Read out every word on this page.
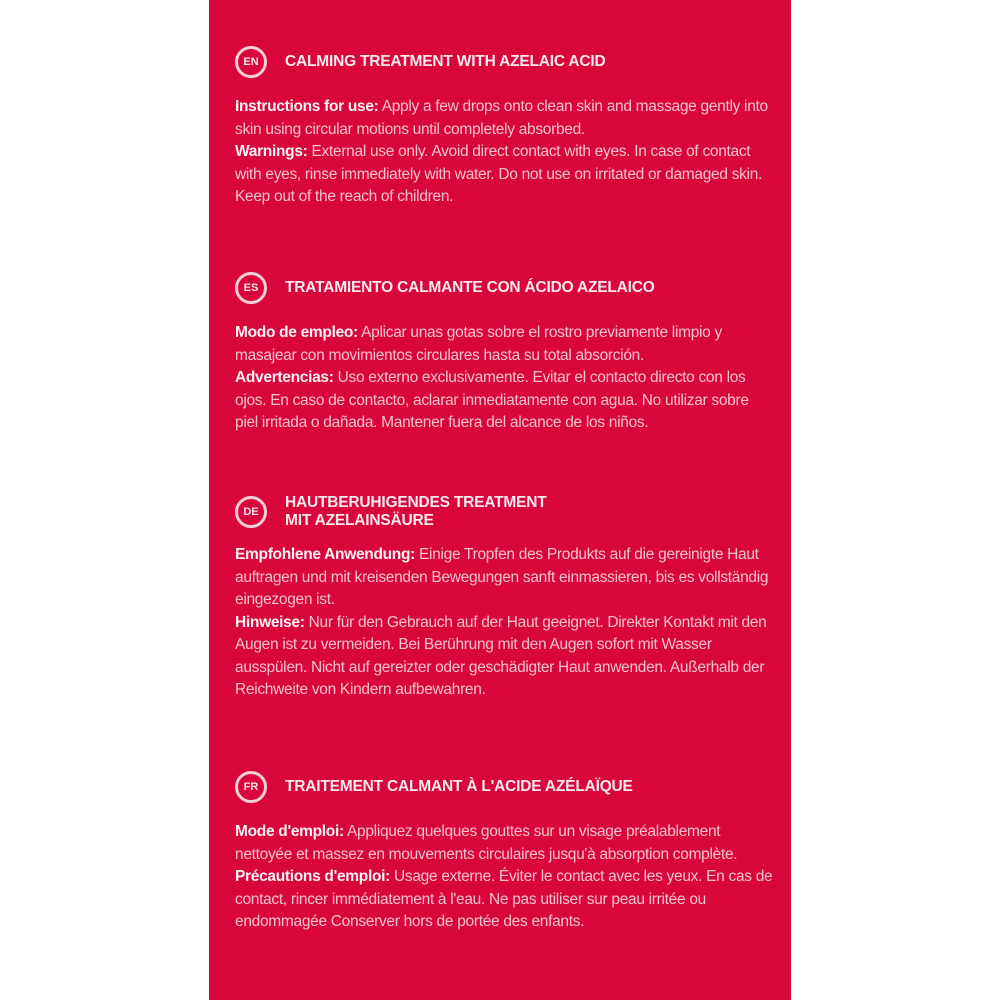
EN	CALMING TREATMENT WITH AZELAIC ACID

Instructions for use: Apply a few drops onto clean skin and massage gently into skin using circular motions until completely absorbed.

Warnings: External use only. Avoid direct contact with eyes. In case of contact with eyes, rinse immediately with water. Do not use on irritated or damaged skin. Keep out of the reach of children.

ES	TRATAMIENTO CALMANTE CON ÁCIDO AZELAICO

Modo de empleo: Aplicar unas gotas sobre el rostro previamente limpio y masajear con movimientos circulares hasta su total absorción.

Advertencias: Uso externo exclusivamente. Evitar el contacto directo con los ojos. En caso de contacto, aclarar inmediatamente con agua. No utilizar sobre piel irritada o dañada. Mantener fuera del alcance de los niños.

DE
HAUTBERUHIGENDES TREATMENT
MIT AZELAINSÄURE

Empfohlene Anwendung: Einige Tropfen des Produkts auf die gereinigte Haut auftragen und mit kreisenden Bewegungen sanft einmassieren, bis es vollständig eingezogen ist.

Hinweise: Nur für den Gebrauch auf der Haut geeignet. Direkter Kontakt mit den Augen ist zu vermeiden. Bei Berührung mit den Augen sofort mit Wasser ausspülen. Nicht auf gereizter oder geschädigter Haut anwenden. Außerhalb der Reichweite von Kindern aufbewahren.

FR	TRAITEMENT CALMANT À L'ACIDE AZÉLAÏQUE

Mode d'emploi: Appliquez quelques gouttes sur un visage préalablement nettoyée et massez en mouvements circulaires jusqu'à absorption complète.

Précautions d'emploi: Usage externe. Éviter le contact avec les yeux. En cas de contact, rincer immédiatement à l'eau. Ne pas utiliser sur peau irritée ou endommagée Conserver hors de portée des enfants.
